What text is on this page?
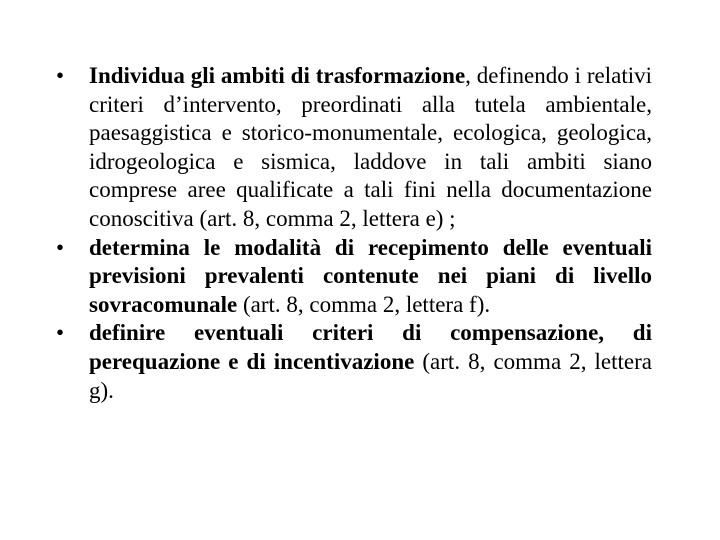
•	Individua gli ambiti di trasformazione, definendo i relativi criteri d’intervento, preordinati alla tutela ambientale, paesaggistica e storico-monumentale, ecologica, geologica, idrogeologica e sismica, laddove in tali ambiti siano comprese aree qualificate a tali fini nella documentazione conoscitiva (art. 8, comma 2, lettera e) ;
•	determina le modalità di recepimento delle eventuali previsioni prevalenti contenute nei piani di livello sovracomunale (art. 8, comma 2, lettera f).
•	definire eventuali criteri di compensazione, di perequazione e di incentivazione (art. 8, comma 2, lettera g).
